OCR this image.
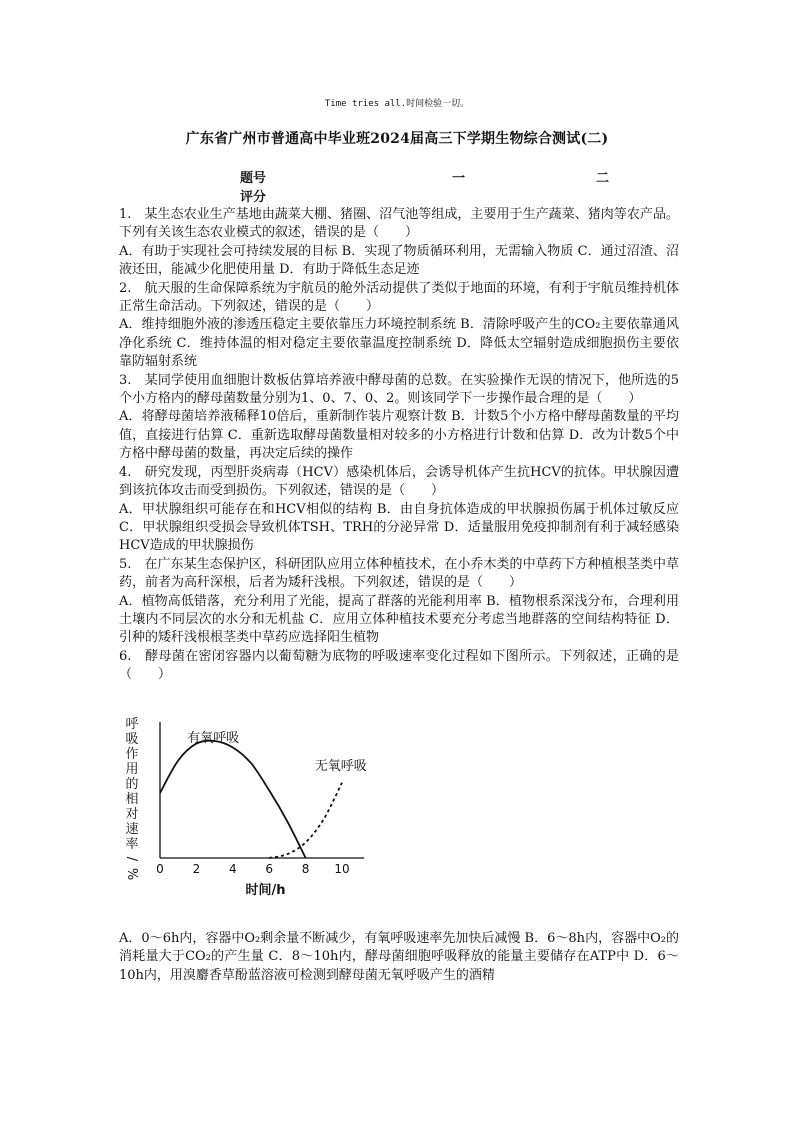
Time tries all.时间检验一切。
广东省广州市普通高中毕业班2024届高三下学期生物综合测试(二)
题号	一	二
评分

1.　某生态农业生产基地由蔬菜大棚、猪圈、沼气池等组成，主要用于生产蔬菜、猪肉等农产品。下列有关该生态农业模式的叙述，错误的是（　　）

A．有助于实现社会可持续发展的目标 B．实现了物质循环利用，无需输入物质 C．通过沼渣、沼液还田，能减少化肥使用量 D．有助于降低生态足迹

2.　航天服的生命保障系统为宇航员的舱外活动提供了类似于地面的环境，有利于宇航员维持机体正常生命活动。下列叙述，错误的是（　　）

A．维持细胞外液的渗透压稳定主要依靠压力环境控制系统 B．清除呼吸产生的CO₂主要依靠通风净化系统 C．维持体温的相对稳定主要依靠温度控制系统 D．降低太空辐射造成细胞损伤主要依靠防辐射系统

3.　某同学使用血细胞计数板估算培养液中酵母菌的总数。在实验操作无误的情况下，他所选的5个小方格内的酵母菌数量分别为1、0、7、0、2。则该同学下一步操作最合理的是（　　）

A．将酵母菌培养液稀释10倍后，重新制作装片观察计数 B．计数5个小方格中酵母菌数量的平均值，直接进行估算 C．重新选取酵母菌数量相对较多的小方格进行计数和估算 D．改为计数5个中方格中酵母菌的数量，再决定后续的操作

4.　研究发现，丙型肝炎病毒（HCV）感染机体后，会诱导机体产生抗HCV的抗体。甲状腺因遭到该抗体攻击而受到损伤。下列叙述，错误的是（　　）

A．甲状腺组织可能存在和HCV相似的结构 B．由自身抗体造成的甲状腺损伤属于机体过敏反应 C．甲状腺组织受损会导致机体TSH、TRH的分泌异常 D．适量服用免疫抑制剂有利于减轻感染HCV造成的甲状腺损伤

5.　在广东某生态保护区，科研团队应用立体种植技术，在小乔木类的中草药下方种植根茎类中草药，前者为高秆深根，后者为矮秆浅根。下列叙述，错误的是（　　）

A．植物高低错落，充分利用了光能，提高了群落的光能利用率 B．植物根系深浅分布，合理利用土壤内不同层次的水分和无机盐 C．应用立体种植技术要充分考虑当地群落的空间结构特征 D．引种的矮秆浅根根茎类中草药应选择阳生植物

6.　酵母菌在密闭容器内以葡萄糖为底物的呼吸速率变化过程如下图所示。下列叙述，正确的是（　　）

呼
吸
作
用
的
相
对
速
率
/
% 0 2 4 6 8 10
有氧呼吸
无氧呼吸
时间/h

A．0～6h内，容器中O₂剩余量不断减少，有氧呼吸速率先加快后减慢 B．6～8h内，容器中O₂的消耗量大于CO₂的产生量 C．8～10h内，酵母菌细胞呼吸释放的能量主要储存在ATP中 D．6～10h内，用溴麝香草酚蓝溶液可检测到酵母菌无氧呼吸产生的酒精
